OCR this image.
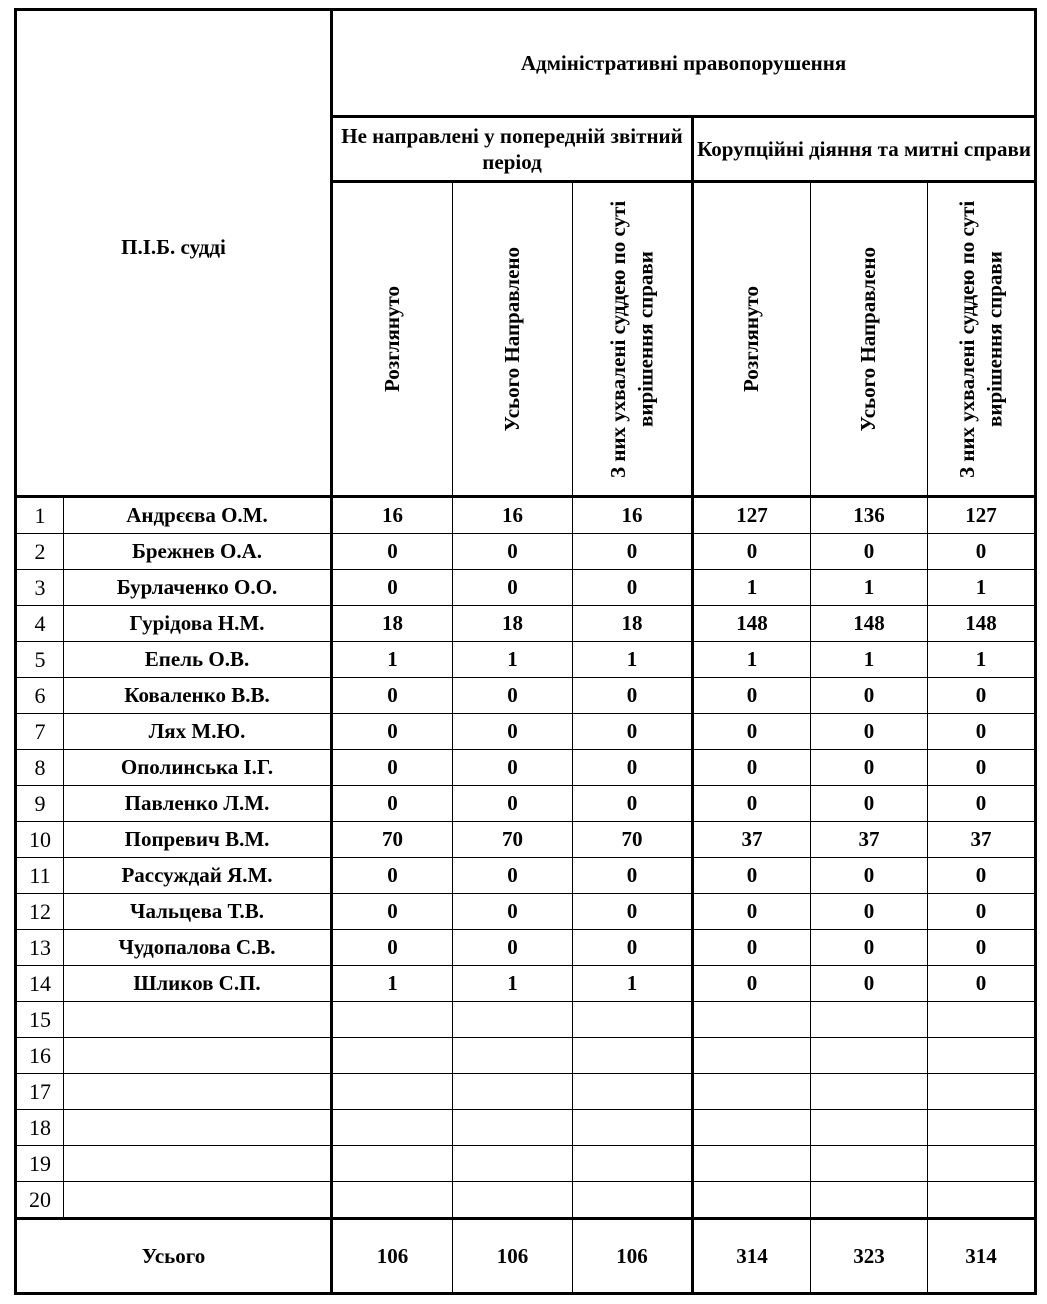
П.І.Б. судді		Адміністративні правопорушення					
		Не направлені у попередній звітний період			Корупційні діяння та митні справи		

		Розглянуто	Усього Направлено	З них ухвалені суддею по суті вирішення справи	Розглянуто	Усього Направлено	З них ухвалені суддею по суті вирішення справи

1	Андрєєва О.М.	16	16	16	127	136	127
2	Брежнев О.А.	0	0	0	0	0	0
3	Бурлаченко О.О.	0	0	0	1	1	1
4	Гурідова Н.М.	18	18	18	148	148	148
5	Епель О.В.	1	1	1	1	1	1
6	Коваленко В.В.	0	0	0	0	0	0
7	Лях М.Ю.	0	0	0	0	0	0
8	Ополинська І.Г.	0	0	0	0	0	0
9	Павленко Л.М.	0	0	0	0	0	0
10	Попревич В.М.	70	70	70	37	37	37
11	Рассуждай Я.М.	0	0	0	0	0	0
12	Чальцева Т.В.	0	0	0	0	0	0
13	Чудопалова С.В.	0	0	0	0	0	0
14	Шликов С.П.	1	1	1	0	0	0
15							
16							
17							
18							
19							
20							
Усього		106	106	106	314	323	314
